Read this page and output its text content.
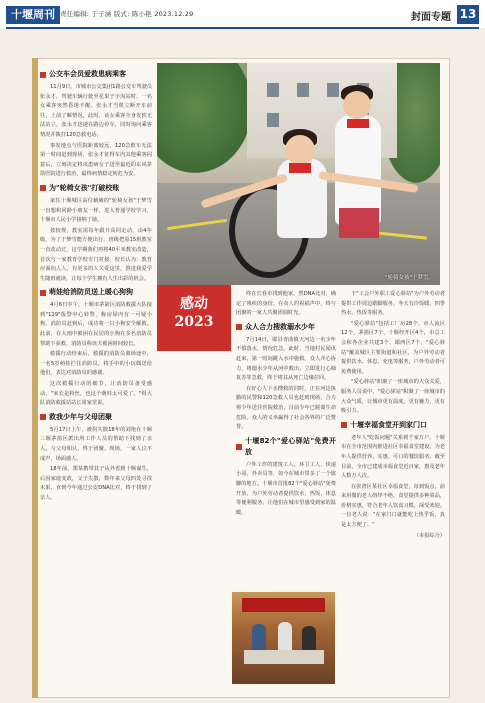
十堰周刊 责任编辑: 于子涵 版式: 陈小艳 2023.12.29	封面专题 13
公交车会员爱救患病乘客

11月9日，市城市公交集团1路公交车驾驶员张永才，驾驶车辆行驶至花果子字沟站时，一名女乘客突然昏迷不醒。张永才当机立断开车前往，上前了解情况，此时，该女乘客全身发软无法站立，张永才迅速在路边停车，同时询问乘客情况并拨打120急救电话。

事发地点与医院距离较远，120急救车无法第一时间赶到现场，张永才征得车内其他乘客同意后，立刻决定将该患病女子送至最近的东风茅箭医院进行救治，最终病情稳定转危为安。

为"轮椅女孩"打破校账

家住十堰城区高位截瘫的"轮椅女孩"于梦雪一直想和同龄小朋友一样，进入普通学校学习，十堰市人民小学接纳了她。

按校规，教室需每年跟升高同走动，由4年级，为了于梦雪能方便出行，班级把原15班教室一直改动过，这学期我们再将40平米教室改造，首次与一家教育学校专门对接，校长认为：教育应面向人人，有更多的人关爱这里，推进我爱学生随班就读，让每个学生拥有人生出彩的机会。

萌娃给消防员送上暖心狗狗

4月6日中午，十堰市茅箭区消防救援大队接到"119"报警中心转警，称房屋内有一可疑小狗。消防员赶到后，成功将一只小狗安全解救。此前，在大雨中被困在民居的小狗在多名消防员帮助下获救，消防员称该犬被困时间较长。

救援行动结束后，救援的消防员离场途中，一名5岁萌娃拦住消防员，将手中的小玩偶送给他们，表达对消防员的感谢。

这次救援行动的细节，让消防员备受感动。"家长是粉丝，也这个萌娃太可爱了。"组大队消防救援站站长周家堂说。

救我少年与父母团聚

5月17日上午，被拐失散18年的刘艳在十堰三堰茅箭区派出所工作人员的帮助下找到了亲人，与父母相认，终于团聚。现场，一家人泣不成声，场面感人。

18年前，郑某携带其子从外省到十堰谋生，后因家庭变故，父子失散，数年来父母四处寻找未果，直到今年通过公安DNA比对，终于找到了亲人。

"轮椅女孩"于梦雪。
感动
2023

终在长春市找到他家，然DNA比对，确定了残疾的身份。在众人的祝福声中，终与团聚的一家人共聚团圆时光。

众人合力搜救溺水少年

7月14日，郧县青曲镇天河边一名少年不慎落水，情况危急。此时，当地村民闻讯赶来，第一时间跳入水中施救。众人齐心协力，将溺水少年从河中救出，立即进行心肺复苏等急救，终于将其从死亡边缘拉回。

在好心人下水搜救的同时，正在河边执勤的民警和120急救人员也赶到现场，合力将少年送往医院救治，目前少年已脱离生命危险。众人的义举赢得了社会各界的广泛赞誉。

十堰82个"爱心驿站"免费开放

户外工作的建筑工人、环卫工人、快递小哥、外卖员等，如今在城市里多了一个歇脚的地方。十堰市首批82个"爱心驿站"免费开放，为户外劳动者提供饮水、热饭、休息等便利服务，让他们在城市里感受到家的温暖。

个"工会户外职工爱心驿站"为户外劳动者提供工作周边歇脚服务，冬天有冷饭暖、四季热水、热饭等服务。

"爱心驿站"包括工厂房28个、市人流区12个、茅箭区7个、十堰经开区4个，市总工会和各企业共建3个、郧西区7个、"爱心驿站"覆盖城区主要街道和社区，为户外劳动者提供饮水、休息、充电等服务，户外劳动者可免费使用。

"爱心驿站"积聚了一座城市的大众关爱，服务人员说中，"爱心驿站"积聚了一座城市的大众气质，让城市更有温度，更有魅力，更有吸引力。

十堰幸福食堂开到家门口

老年人"吃饭问题"关系到千家万户。十堰市在全市范围内推进社区幸福食堂建设，为老年人提供营养、实惠、可口的餐饮服务。截至目前，全市已建成幸福食堂近百家，惠及老年人数万人次。

在张湾区某社区幸福食堂，每到饭点，前来用餐的老人络绎不绝。食堂提供多种菜品，价格实惠，符合老年人饮食习惯，深受欢迎。一位老人说："在家门口就能吃上热乎饭，真是太方便了。"

（本报综合）
